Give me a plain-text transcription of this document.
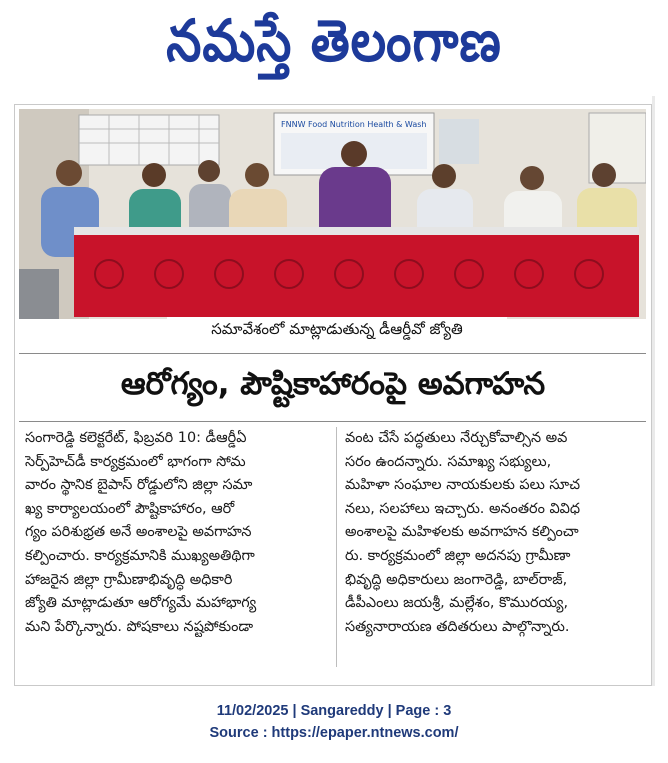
నమస్తే తెలంగాణ
FNNW Food Nutrition Health & Wash
సమావేశంలో మాట్లాడుతున్న డీఆర్డీవో జ్యోతి
ఆరోగ్యం, పౌష్టికాహారంపై అవగాహన

సంగారెడ్డి కలెక్టరేట్, ఫిబ్రవరి 10: డీఆర్డీఏ

సెర్ప్‌హెచ్‌డీ కార్యక్రమంలో భాగంగా సోమ

వారం స్థానిక బైపాస్ రోడ్డులోని జిల్లా సమా

ఖ్య కార్యాలయంలో పౌష్టికాహారం, ఆరో

గ్యం పరిశుభ్రత అనే అంశాలపై అవగాహన

కల్పించారు. కార్యక్రమానికి ముఖ్యఅతిథిగా

హాజరైన జిల్లా గ్రామీణాభివృద్ధి అధికారి

జ్యోతి మాట్లాడుతూ ఆరోగ్యమే మహాభాగ్య

మని పేర్కొన్నారు. పోషకాలు నష్టపోకుండా

వంట చేసే పద్ధతులు నేర్చుకోవాల్సిన అవ

సరం ఉందన్నారు. సమాఖ్య సభ్యులు,

మహిళా సంఘాల నాయకులకు పలు సూచ

నలు, సలహాలు ఇచ్చారు. అనంతరం వివిధ

అంశాలపై మహిళలకు అవగాహన కల్పించా

రు. కార్యక్రమంలో జిల్లా అదనపు గ్రామీణా

భివృద్ధి అధికారులు జంగారెడ్డి, బాల్‌రాజ్,

డీపీఎంలు జయశ్రీ, మల్లేశం, కొమురయ్య,

సత్యనారాయణ తదితరులు పాల్గొన్నారు.

11/02/2025 | Sangareddy | Page : 3
Source : https://epaper.ntnews.com/
